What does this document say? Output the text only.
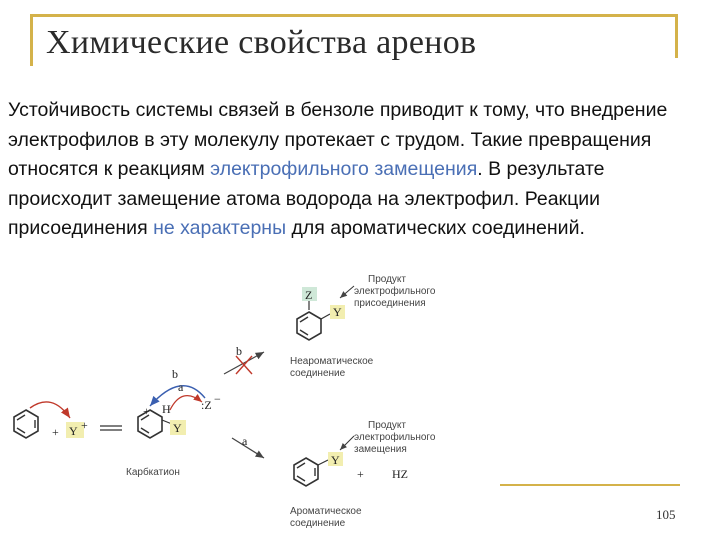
Химические свойства аренов

Устойчивость системы связей в бензоле приводит к тому, что внедрение электрофилов в эту молекулу протекает с трудом. Такие превращения относятся к реакциям электрофильного замещения. В результате происходит замещение атома водорода на электрофил. Реакции присоединения не характерны для ароматических соединений.

+ Y +
+ H
Y
Карбкатион
b
a
:Z −
b
a
Z
Y
Продукт
электрофильного
присоединения
Неароматическое
соединение
Y
+ HZ
Продукт
электрофильного
замещения
Ароматическое
соединение
105
